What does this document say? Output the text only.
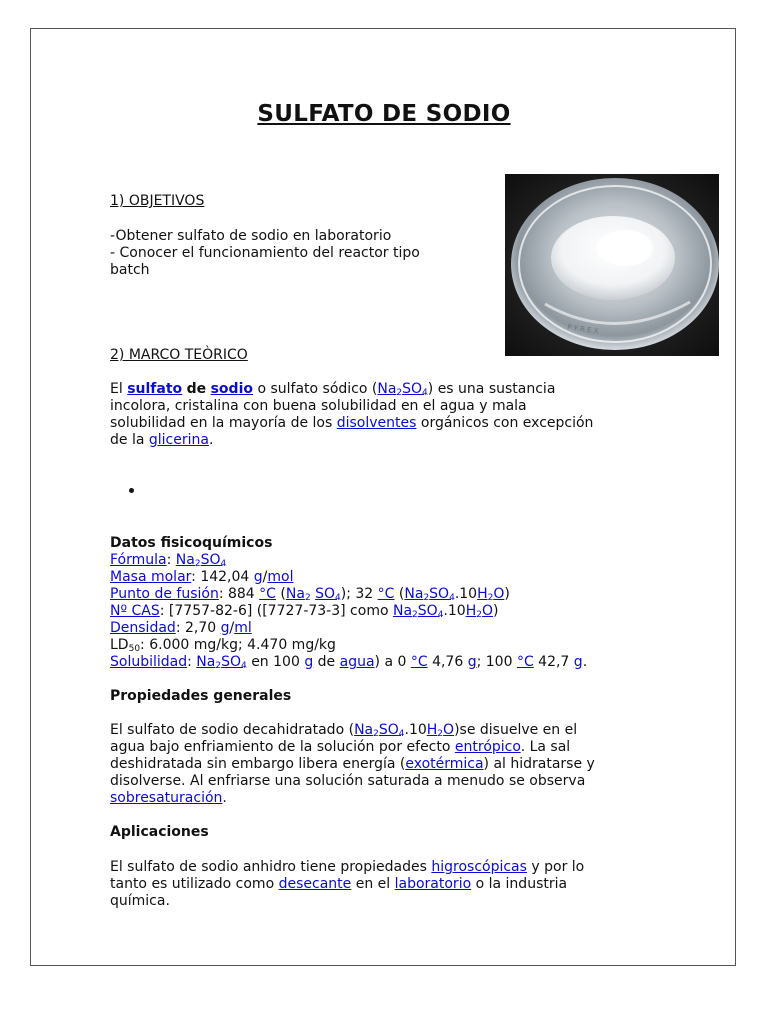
SULFATO DE SODIO
P Y R E X
1) OBJETIVOS
-Obtener sulfato de sodio en laboratorio
- Conocer el funcionamiento del reactor tipo
batch
2) MARCO TEÒRICO
El sulfato de sodio o sulfato sódico $(Na_2SO_4)$ es una sustancia
incolora, cristalina con buena solubilidad en el agua y mala
solubilidad en la mayoría de los disolventes orgánicos con excepción
de la glicerina.
Datos fisicoquímicos
Fórmula: $Na_2SO_4$
Masa molar: 142,04 g/mol
Punto de fusión: 884 °C ($Na_2$ $SO_4$); 32 °C $(Na_2SO_4.10H_2O)$
Nº CAS: [7757-82-6] ([7727-73-3] como $Na_2SO_4.10H_2O$)
Densidad: 2,70 g/ml
$LD_{50}$: 6.000 mg/kg; 4.470 mg/kg
Solubilidad: $Na_2SO_4$ en 100 g de agua) a 0 °C 4,76 g; 100 °C 42,7 g.
Propiedades generales
El sulfato de sodio decahidratado $(Na_2SO_4.10H_2O)se$ disuelve en el
agua bajo enfriamiento de la solución por efecto entrópico. La sal
deshidratada sin embargo libera energía (exotérmica) al hidratarse y
disolverse. Al enfriarse una solución saturada a menudo se observa
sobresaturación.
Aplicaciones
El sulfato de sodio anhidro tiene propiedades higroscópicas y por lo
tanto es utilizado como desecante en el laboratorio o la industria
química.
